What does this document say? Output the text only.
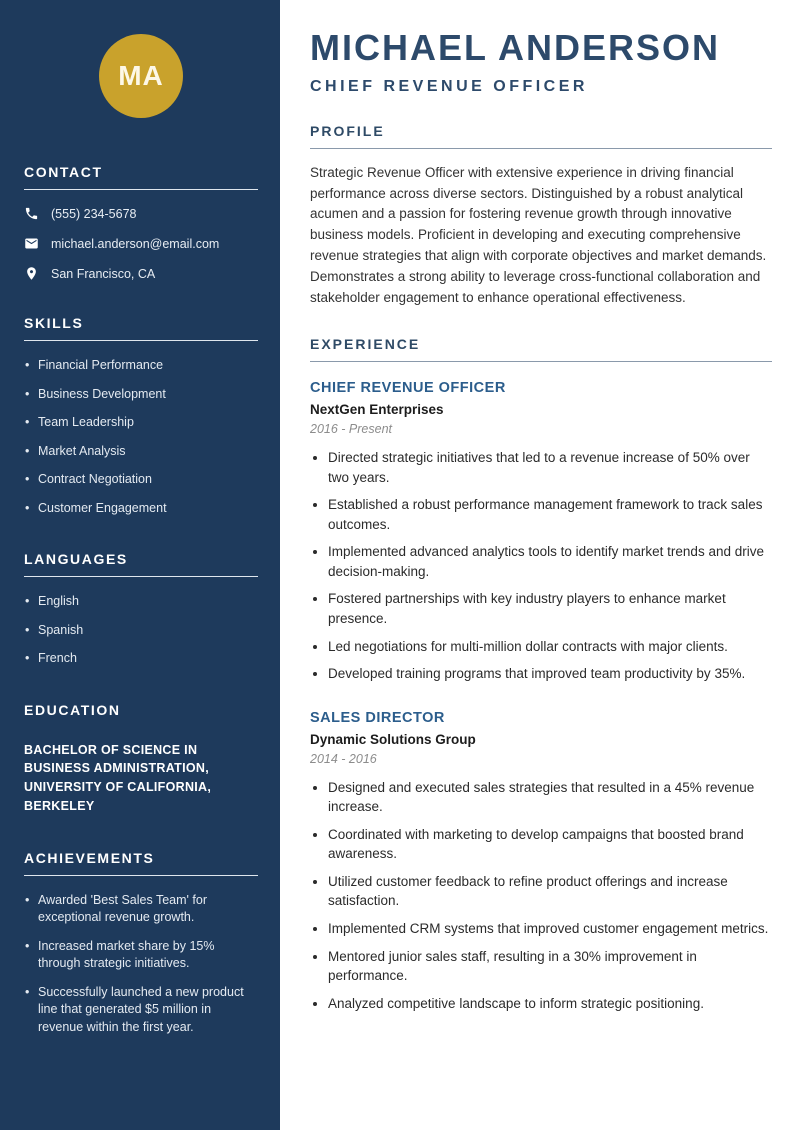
MA
CONTACT
(555) 234-5678
michael.anderson@email.com
San Francisco, CA
SKILLS
• Financial Performance
• Business Development
• Team Leadership
• Market Analysis
• Contract Negotiation
• Customer Engagement
LANGUAGES
• English
• Spanish
• French
EDUCATION

BACHELOR OF SCIENCE IN BUSINESS ADMINISTRATION, UNIVERSITY OF CALIFORNIA, BERKELEY

ACHIEVEMENTS
• Awarded 'Best Sales Team' for exceptional revenue growth.
• Increased market share by 15% through strategic initiatives.
• Successfully launched a new product line that generated $5 million in revenue within the first year.
MICHAEL ANDERSON
CHIEF REVENUE OFFICER
PROFILE

Strategic Revenue Officer with extensive experience in driving financial performance across diverse sectors. Distinguished by a robust analytical acumen and a passion for fostering revenue growth through innovative business models. Proficient in developing and executing comprehensive revenue strategies that align with corporate objectives and market demands. Demonstrates a strong ability to leverage cross-functional collaboration and stakeholder engagement to enhance operational effectiveness.

EXPERIENCE
CHIEF REVENUE OFFICER
NextGen Enterprises
2016 - Present
• Directed strategic initiatives that led to a revenue increase of 50% over two years.
• Established a robust performance management framework to track sales outcomes.
• Implemented advanced analytics tools to identify market trends and drive decision-making.
• Fostered partnerships with key industry players to enhance market presence.
• Led negotiations for multi-million dollar contracts with major clients.
• Developed training programs that improved team productivity by 35%.
SALES DIRECTOR
Dynamic Solutions Group
2014 - 2016
• Designed and executed sales strategies that resulted in a 45% revenue increase.
• Coordinated with marketing to develop campaigns that boosted brand awareness.
• Utilized customer feedback to refine product offerings and increase satisfaction.
• Implemented CRM systems that improved customer engagement metrics.
• Mentored junior sales staff, resulting in a 30% improvement in performance.
• Analyzed competitive landscape to inform strategic positioning.
